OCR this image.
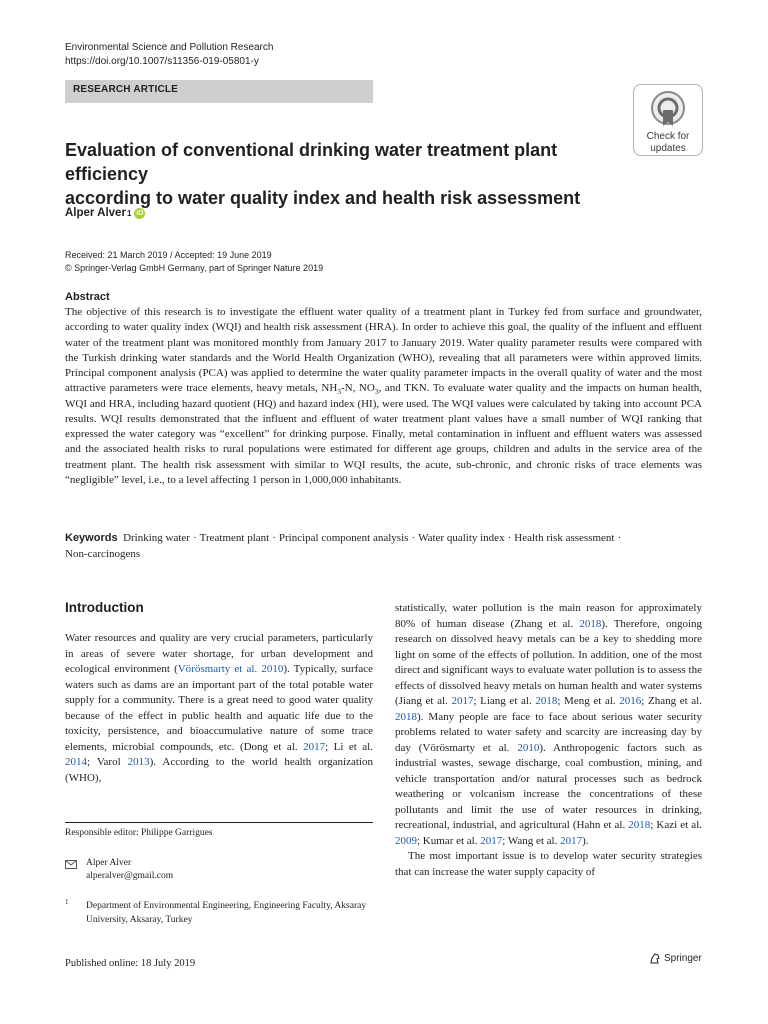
Environmental Science and Pollution Research
https://doi.org/10.1007/s11356-019-05801-y
RESEARCH ARTICLE
Check for
updates
Evaluation of conventional drinking water treatment plant efficiency
according to water quality index and health risk assessment
Alper Alver 1 iD
Received: 21 March 2019 / Accepted: 19 June 2019
© Springer-Verlag GmbH Germany, part of Springer Nature 2019
Abstract
The objective of this research is to investigate the effluent water quality of a treatment plant in Turkey fed from surface and groundwater, according to water quality index (WQI) and health risk assessment (HRA). In order to achieve this goal, the quality of the influent and effluent water of the treatment plant was monitored monthly from January 2017 to January 2019. Water quality parameter results were compared with the Turkish drinking water standards and the World Health Organization (WHO), revealing that all parameters were within approved limits. Principal component analysis (PCA) was applied to determine the water quality parameter impacts in the overall quality of water and the most attractive parameters were trace elements, heavy metals, $NH_3-N$, $NO_3$, and TKN. To evaluate water quality and the impacts on human health, WQI and HRA, including hazard quotient (HQ) and hazard index (HI), were used. The WQI values were calculated by taking into account PCA results. WQI results demonstrated that the influent and effluent of water treatment plant values have a small number of WQI ranking that expressed the water category was “excellent” for drinking purpose. Finally, metal contamination in influent and effluent waters was assessed and the associated health risks to rural populations were estimated for different age groups, children and adults in the service area of the treatment plant. The health risk assessment with similar to WQI results, the acute, sub-chronic, and chronic risks of trace elements was “negligible” level, i.e., to a level affecting 1 person in 1,000,000 inhabitants.
Keywords Drinking water · Treatment plant · Principal component analysis · Water quality index · Health risk assessment ·
Non-carcinogens
Introduction
Water resources and quality are very crucial parameters, particularly in areas of severe water shortage, for urban development and ecological environment (Vörösmarty et al. 2010). Typically, surface waters such as dams are an important part of the total potable water supply for a community. There is a great need to good water quality because of the effect in public health and aquatic life due to the toxicity, persistence, and bioaccumulative nature of some trace elements, microbial compounds, etc. (Dong et al. 2017; Li et al. 2014; Varol 2013). According to the world health organization (WHO),
statistically, water pollution is the main reason for approximately 80% of human disease (Zhang et al. 2018). Therefore, ongoing research on dissolved heavy metals can be a key to shedding more light on some of the effects of pollution. In addition, one of the most direct and significant ways to evaluate water pollution is to assess the effects of dissolved heavy metals on human health and water systems (Jiang et al. 2017; Liang et al. 2018; Meng et al. 2016; Zhang et al. 2018). Many people are face to face about serious water security problems related to water safety and scarcity are increasing day by day (Vörösmarty et al. 2010). Anthropogenic factors such as industrial wastes, sewage discharge, coal combustion, mining, and vehicle transportation and/or natural processes such as bedrock weathering or volcanism increase the concentrations of these pollutants and limit the use of water resources in drinking, recreational, industrial, and agricultural (Hahn et al. 2018; Kazi et al. 2009; Kumar et al. 2017; Wang et al. 2017).
The most important issue is to develop water security strategies that can increase the water supply capacity of
Responsible editor: Philippe Garrigues
Alper Alver
alperalver@gmail.com
1 Department of Environmental Engineering, Engineering Faculty, Aksaray University, Aksaray, Turkey
Published online: 18 July 2019	Springer
